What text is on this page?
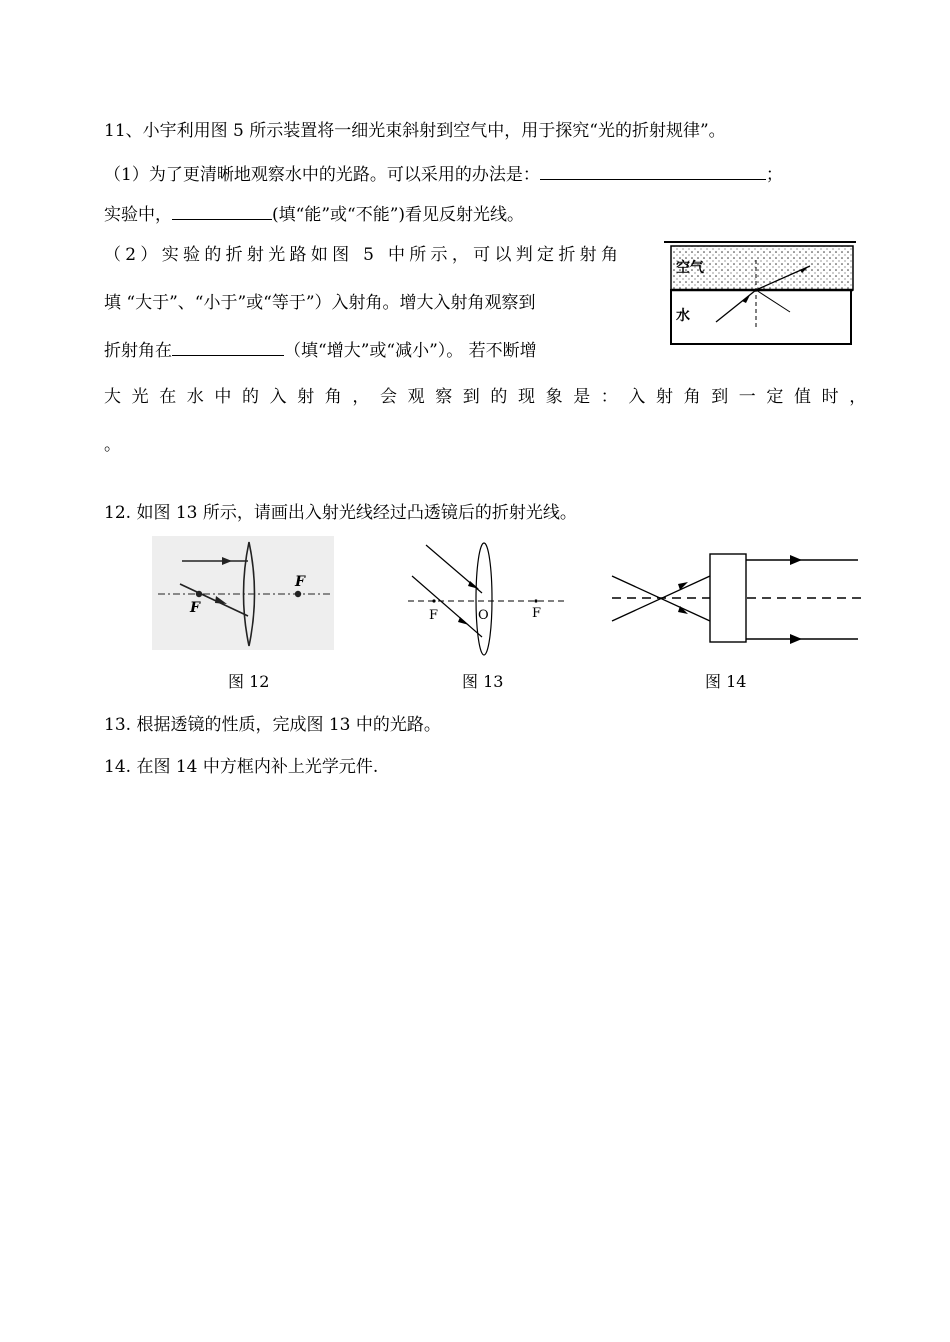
11、小宇利用图 5 所示装置将一细光束斜射到空气中，用于探究“光的折射规律”。
（1）为了更清晰地观察水中的光路。可以采用的办法是：	；
实验中，	(填“能”或“不能”)看见反射光线。
（2）实验的折射光路如图 5 中所示，可以判定折射角
填 “大于”、“小于”或“等于”）入射角。增大入射角观察到
折射角在	（填“增大”或“减小”）。 若不断增
大光在水中的入射角，会观察到的现象是：入射角到一定值时，
。
空气
水
12. 如图 13 所示，请画出入射光线经过凸透镜后的折射光线。
F
F
F	O	F
图 12	图 13	图 14
13. 根据透镜的性质，完成图 13 中的光路。
14. 在图 14 中方框内补上光学元件.
